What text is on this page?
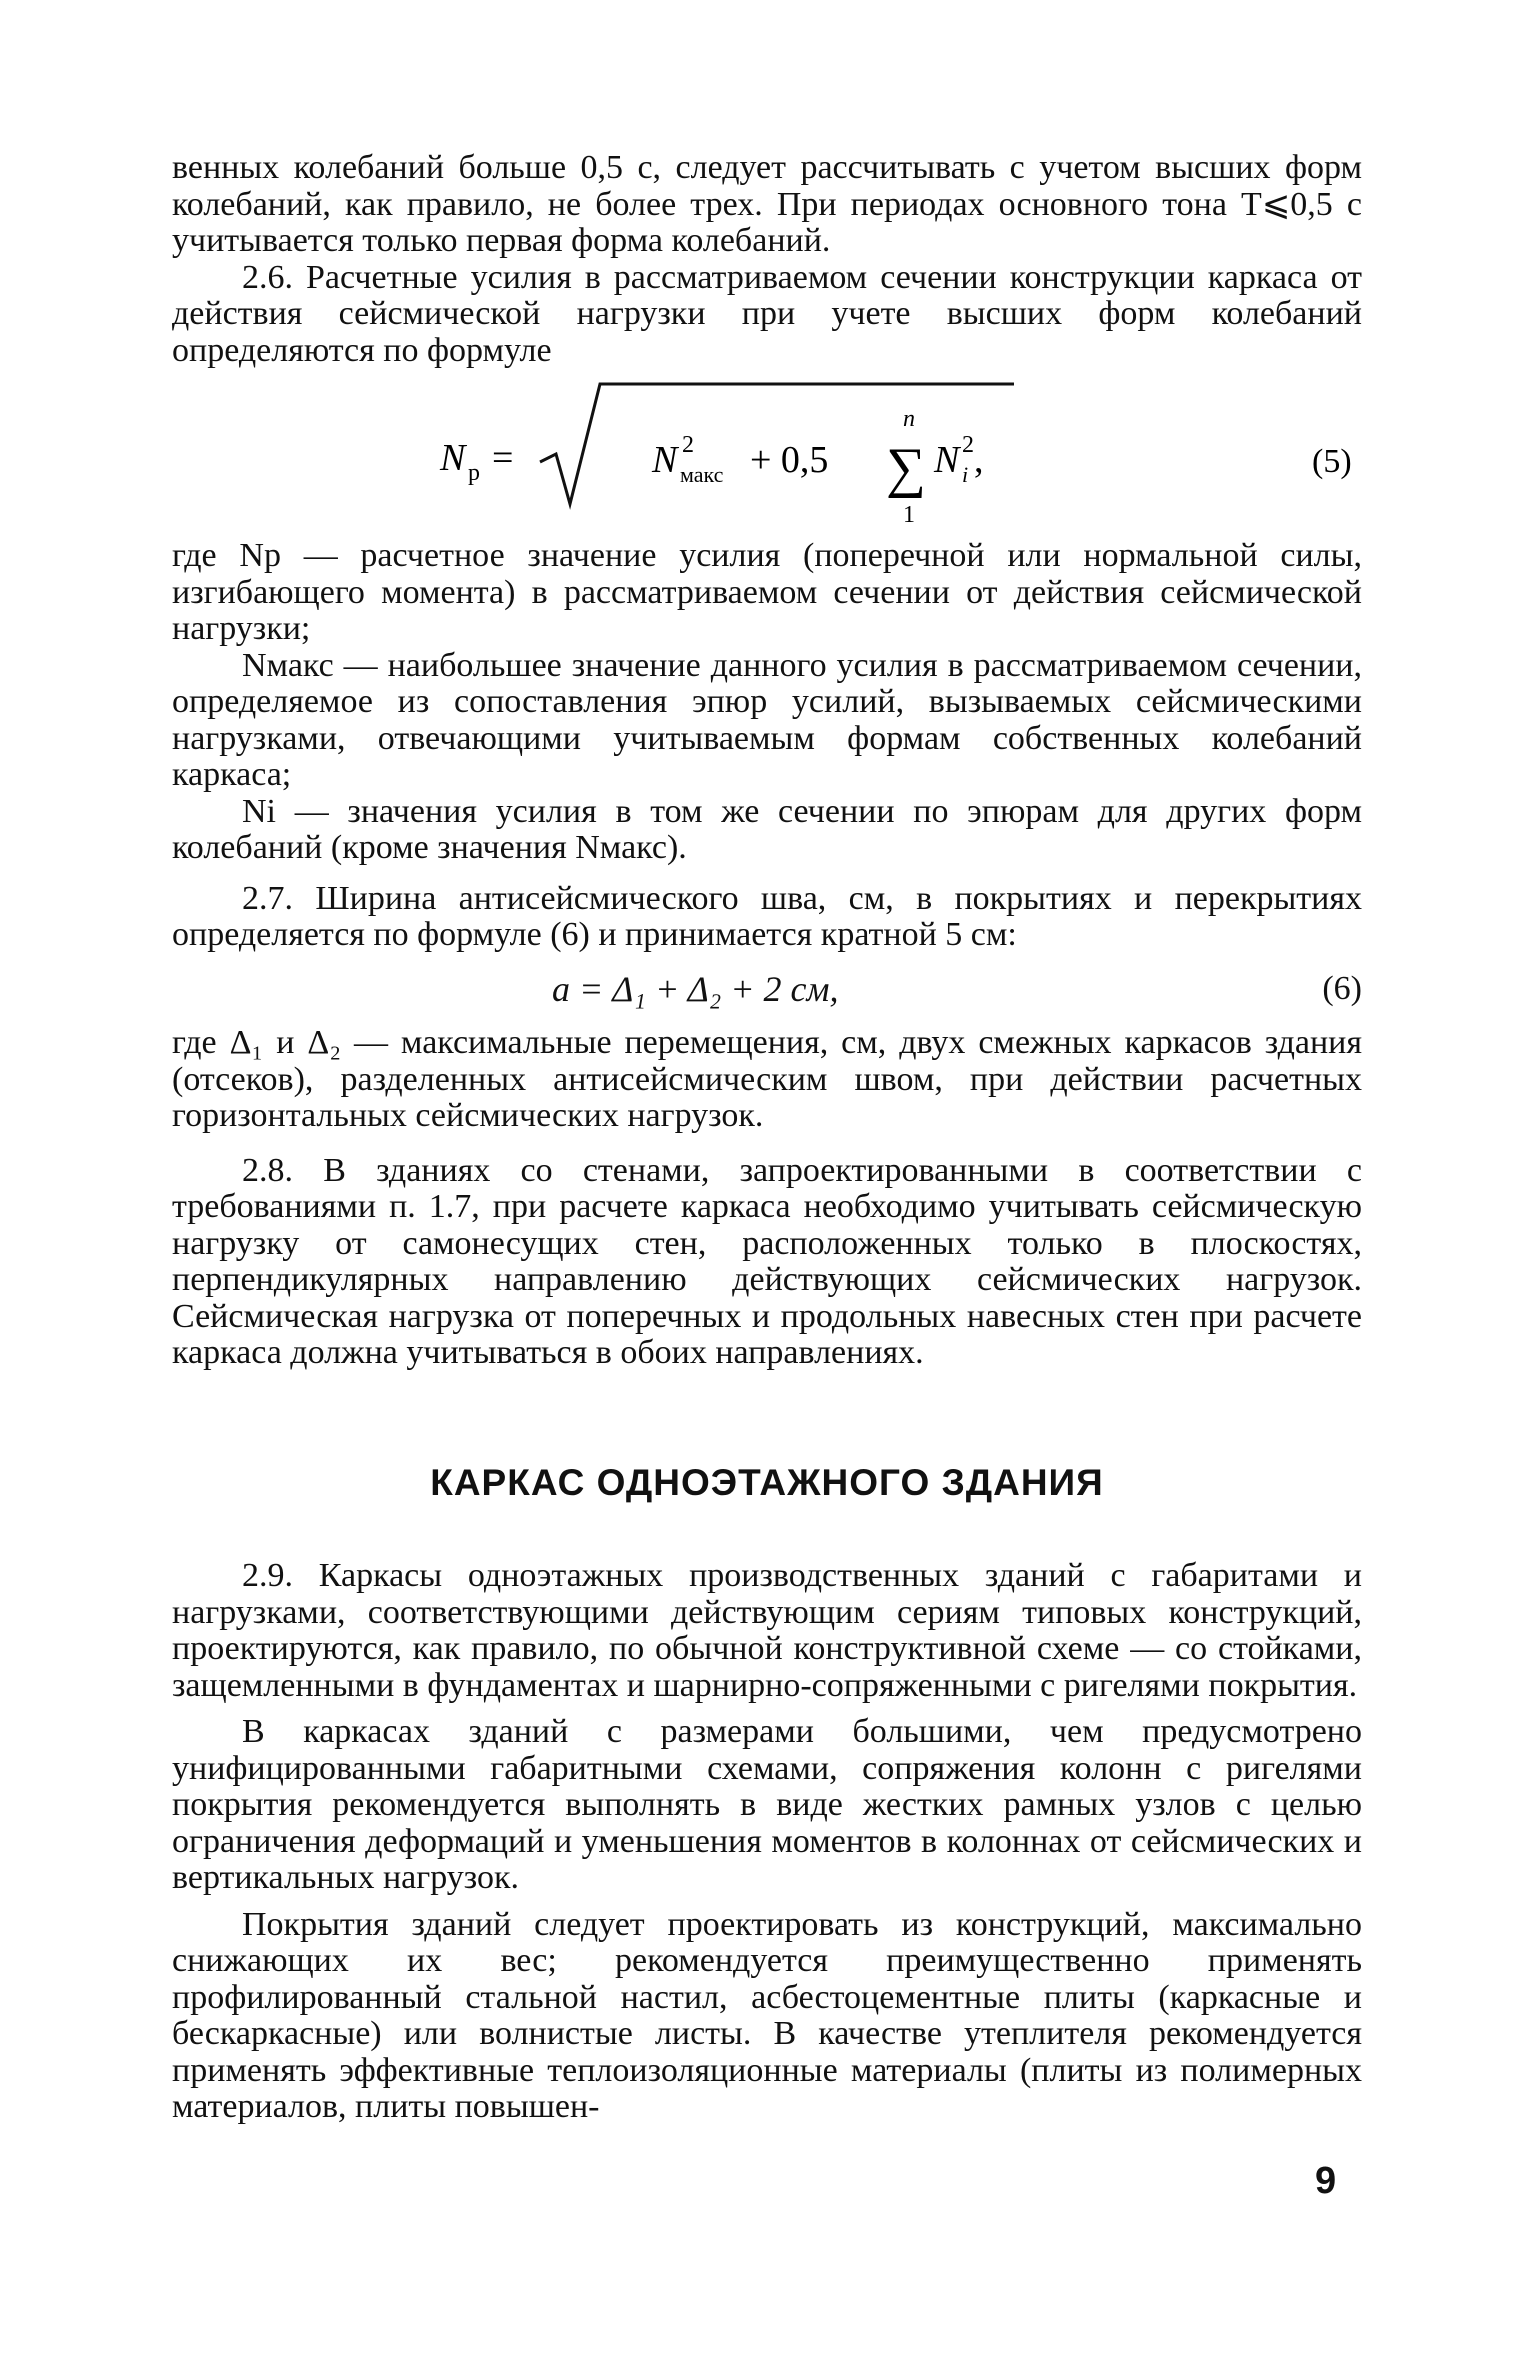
венных колебаний больше 0,5 с, следует рассчитывать с учетом высших форм колебаний, как правило, не более трех. При периодах основного тона T⩽0,5 с учитывается только первая форма колебаний.

2.6. Расчетные усилия в рассматриваемом сечении конструкции каркаса от действия сейсмической нагрузки при учете высших форм колебаний определяются по формуле

N p =	N 2
макс + 0,5
n
∑
1
N 2
i ,	(5)

где Nр — расчетное значение усилия (поперечной или нормальной силы, изгибающего момента) в рассматриваемом сечении от действия сейсмической нагрузки;

Nмакс — наибольшее значение данного усилия в рассматриваемом сечении, определяемое из сопоставления эпюр усилий, вызываемых сейсмическими нагрузками, отвечающими учитываемым формам собственных колебаний каркаса;

Ni — значения усилия в том же сечении по эпюрам для других форм колебаний (кроме значения Nмакс).

2.7. Ширина антисейсмического шва, см, в покрытиях и перекрытиях определяется по формуле (6) и принимается кратной 5 см:

a = Δ₁ + Δ₂ + 2 см,	(6)

где Δ₁ и Δ₂ — максимальные перемещения, см, двух смежных каркасов здания (отсеков), разделенных антисейсмическим швом, при действии расчетных горизонтальных сейсмических нагрузок.

2.8. В зданиях со стенами, запроектированными в соответствии с требованиями п. 1.7, при расчете каркаса необходимо учитывать сейсмическую нагрузку от самонесущих стен, расположенных только в плоскостях, перпендикулярных направлению действующих сейсмических нагрузок. Сейсмическая нагрузка от поперечных и продольных навесных стен при расчете каркаса должна учитываться в обоих направлениях.

КАРКАС ОДНОЭТАЖНОГО ЗДАНИЯ

2.9. Каркасы одноэтажных производственных зданий с габаритами и нагрузками, соответствующими действующим сериям типовых конструкций, проектируются, как правило, по обычной конструктивной схеме — со стойками, защемленными в фундаментах и шарнирно-сопряженными с ригелями покрытия.

В каркасах зданий с размерами большими, чем предусмотрено унифицированными габаритными схемами, сопряжения колонн с ригелями покрытия рекомендуется выполнять в виде жестких рамных узлов с целью ограничения деформаций и уменьшения моментов в колоннах от сейсмических и вертикальных нагрузок.

Покрытия зданий следует проектировать из конструкций, максимально снижающих их вес; рекомендуется преимущественно применять профилированный стальной настил, асбестоцементные плиты (каркасные и бескаркасные) или волнистые листы. В качестве утеплителя рекомендуется применять эффективные теплоизоляционные материалы (плиты из полимерных материалов, плиты повышен-

9
